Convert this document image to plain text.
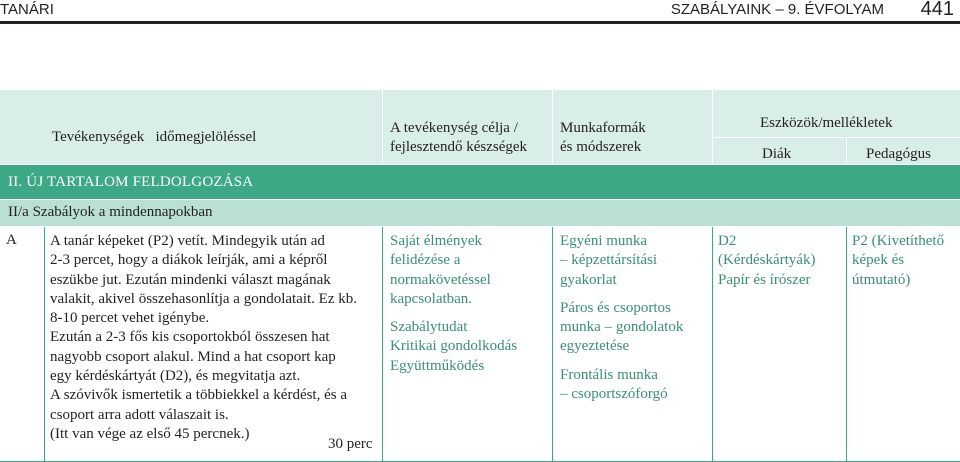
TANÁRI	SZABÁLYAINK – 9. ÉVFOLYAM 441
Tevékenységek   időmegjelöléssel
A tevékenység célja /
fejlesztendő készségek
Munkaformák
és módszerek
Eszközök/mellékletek
Diák	Pedagógus
II. ÚJ TARTALOM FELDOLGOZÁSA
II/a Szabályok a mindennapokban
A A tanár képeket (P2) vetít. Mindegyik után ad

2-3 percet, hogy a diákok leírják, ami a képről

eszükbe jut. Ezután mindenki választ magának

valakit, akivel összehasonlítja a gondolatait. Ez kb.

8-10 percet vehet igénybe.

Ezután a 2-3 fős kis csoportokból összesen hat

nagyobb csoport alakul. Mind a hat csoport kap

egy kérdéskártyát (D2), és megvitatja azt.

A szóvivők ismertetik a többiekkel a kérdést, és a

csoport arra adott válaszait is.

(Itt van vége az első 45 percnek.)

30 perc

Saját élmények

felidézése a

normakövetéssel

kapcsolatban.

Szabálytudat

Kritikai gondolkodás

Együttműködés

Egyéni munka

– képzettársítási

gyakorlat

Páros és csoportos

munka – gondolatok

egyeztetése

Frontális munka

– csoportszóforgó

D2

(Kérdéskártyák)

Papír és írószer

P2 (Kivetíthető

képek és

útmutató)
